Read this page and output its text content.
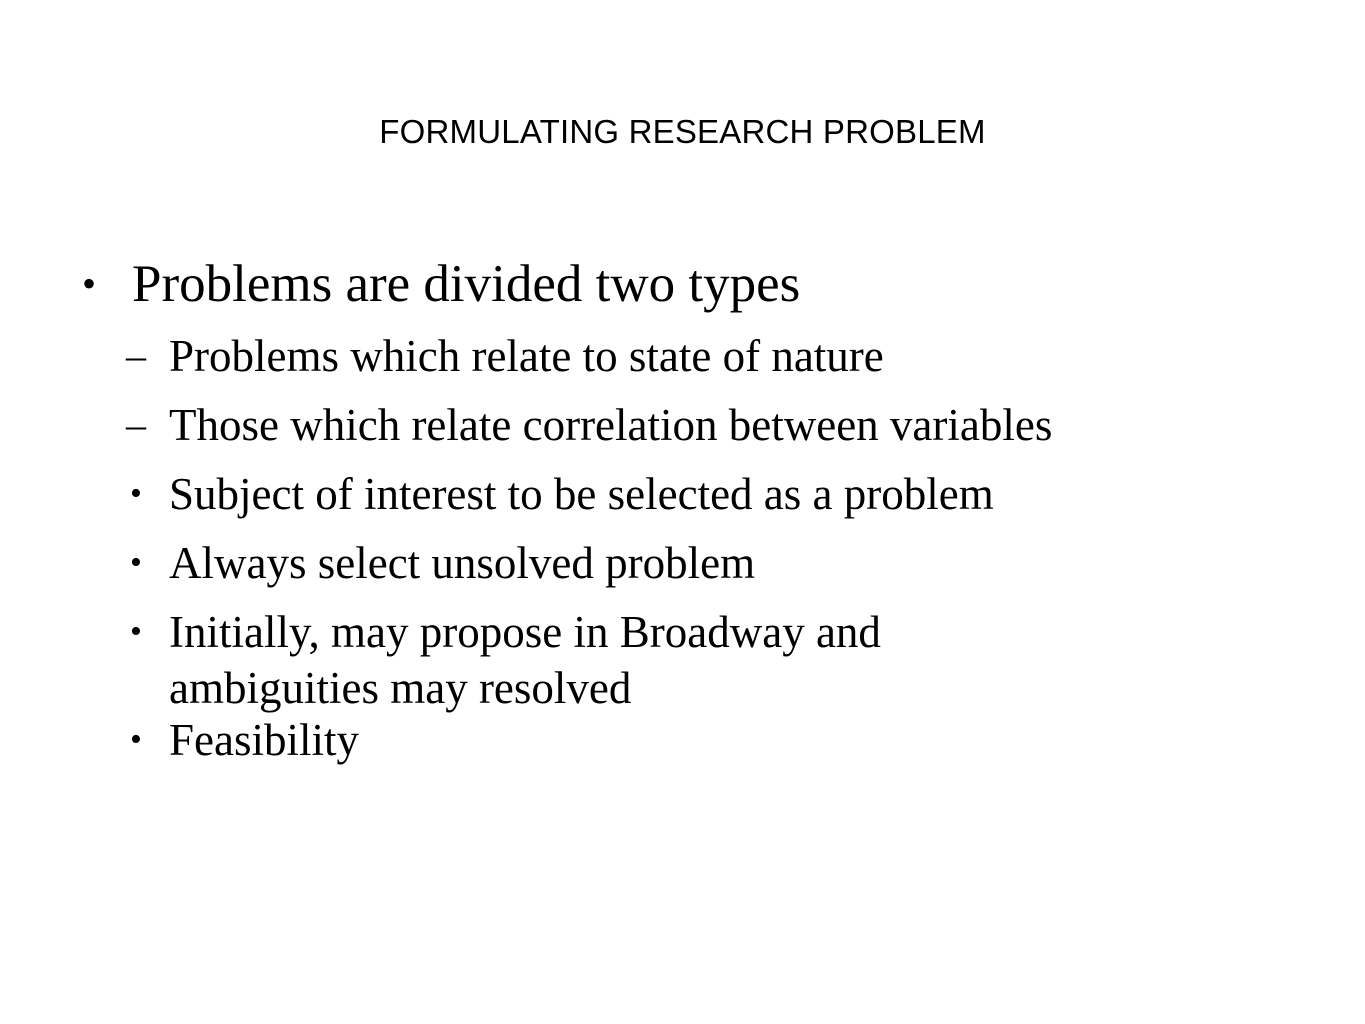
FORMULATING RESEARCH PROBLEM
• Problems are divided two types
– Problems which relate to state of nature
– Those which relate correlation between variables
• Subject of interest to be selected as a problem
• Always select unsolved problem
• Initially, may propose in Broadway and ambiguities may resolved
• Feasibility
